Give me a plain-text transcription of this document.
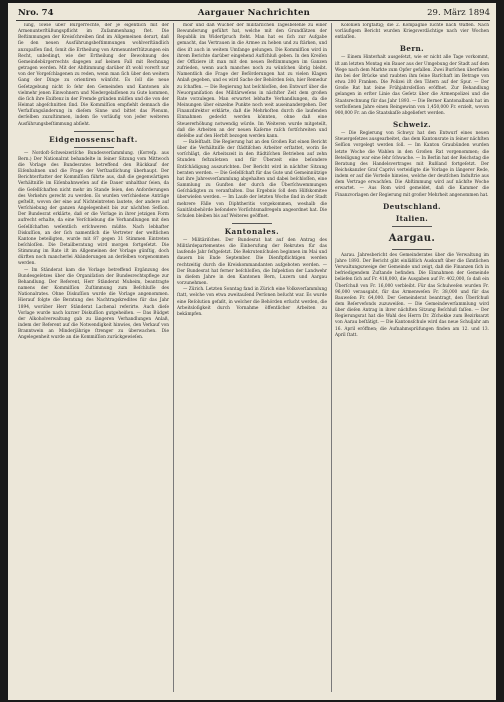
Nro. 74	Aargauer Nachrichten	29. März 1894

lung, ſowie über Bürgerrechte, der je eigentlich mit der Armenunterſtüßungspflicht im Zuſammenhang ſtet. Die Beſtimmungen der Kreisſchreiben ſind im Allgemeinen derart, daß ſie den neuen Ausführungsbeſtimmungen wohlverſtändlich anzupaſſen ſind, ſomit die Ertheilung von Armenunterſtützungen ein Recht, unbedingt, wie der Ertheilung der Bewohnung des Gemeindebürgerrechts dagegen auf keinen Fall mit Rechnung getragen werden. Mit der Abſtimmung darüber iſt wohl vorerſt nur von der Vorgeſchlagenen zu reden, wenn man ſich über den weitern Gang der Dinge zu orientiren wünſcht. Es ſoll die neue Geſetzgebung nicht ſo ſehr den Gemeinden und Kantonen als vielmehr jenen Einwohnern und Niedergelaſſenen zu Gute kommen, die ſich ihre Exiſtenz in der Fremde gründen müſſen und die von der Heimat abgeſchnitten ſind. Die Kommiſſion empfiehlt demnach die Verfaſſungsänderung in dieſem Sinne und bittet das Plenum, derſelben zuzuſtimmen, indem ſie vorläufig von jeder weiteren Ausführungsbeſtimmung abſieht.

Eidgenossenschaft.

— Nordoſt-Schweizeriſche Bundesverſammlung. (Korreſp. aus Bern.) Der Nationalrat behandelte in ſeiner Sitzung vom Mittwoch die Vorlage des Bundesrates betreffend den Rückkauf der Eiſenbahnen und die Frage der Verſtaatlichung überhaupt. Der Berichterſtatter der Kommiſſion führte aus, daß die gegenwärtigen Verhältniſſe im Eiſenbahnweſen auf die Dauer unhaltbar ſeien, da die Geſellſchaften nicht mehr im Stande ſeien, den Anforderungen des Verkehrs gerecht zu werden. Es wurden verſchiedene Anträge geſtellt, wovon der eine auf Nichteintreten lautete, der andere auf Verſchiebung der ganzen Angelegenheit bis zur nächſten Seſſion. Der Bundesrat erklärte, daß er die Vorlage in ihrer jetzigen Form aufrecht erhalte, da eine Verſchiebung die Verhandlungen mit den Geſellſchaften weſentlich erſchweren müßte. Nach lebhafter Diskuſſion, an der ſich namentlich die Vertreter der weſtlichen Kantone beteiligten, wurde mit 87 gegen 31 Stimmen Eintreten beſchloſſen. Die Detailberatung wird morgen fortgeſetzt. Die Stimmung im Rate iſt im Allgemeinen der Vorlage günſtig, doch dürften noch mancherlei Abänderungen an derſelben vorgenommen werden.

— Im Ständerat kam die Vorlage betreffend Ergänzung des Bundesgeſetzes über die Organiſation der Bundesrechtspflege zur Behandlung. Der Referent, Herr Ständerat Muheim, beantragte namens der Kommiſſion Zuſtimmung zum Beſchluſſe des Nationalrates. Ohne Diskuſſion wurde die Vorlage angenommen. Hierauf folgte die Beratung des Nachtragskredites für das Jahr 1894, worüber Herr Ständerat Lachenal referirte. Auch dieſe Vorlage wurde nach kurzer Diskuſſion gutgeheißen. — Das Büdget der Alkoholverwaltung gab zu längeren Verhandlungen Anlaß, indem der Referent auf die Notwendigkeit hinwies, den Verkauf von Branntwein an Minderjährige ſtrenger zu überwachen. Die Angelegenheit wurde an die Kommiſſion zurückgewieſen.

moir und daß Wucher der militäriſchen Tagesbeſehle zu einer Bewunderung geführt hat, welche mit den Grundſätzen der Republik im Widerſpruch ſteht. Man hat es ſich zur Aufgabe gemacht, das Vertrauen in die Armee zu heben und zu ſtärken, und dies iſt auch in weitem Umfange gelungen. Die Kommiſſion wird in ihrem Berichte darüber eingehend Aufſchluß geben. In den Kreiſen der Offiziere iſt man mit den neuen Beſtimmungen im Ganzen zufrieden, wenn auch manches noch zu wünſchen übrig bleibt. Namentlich die Frage der Beförderungen hat zu vielen Klagen Anlaß gegeben, und es wird Sache der Behörden ſein, hier Remedur zu ſchaffen. — Die Regierung hat beſchloſſen, den Entwurf über die Neuorganiſation des Militärweſens in nächſter Zeit dem großen Rate vorzulegen. Man erwartet lebhafte Verhandlungen, da die Meinungen über einzelne Punkte noch weit auseinandergehen. Der Finanzdirektor erklärte, daß die Mehrkoſten durch die laufenden Einnahmen gedeckt werden könnten, ohne daß eine Steuererhöhung notwendig würde. Im Weiteren wurde mitgeteilt, daß die Arbeiten an der neuen Kaſerne raſch fortſchreiten und dieſelbe auf den Herbſt bezogen werden kann.

— Baſelſtadt. Die Regierung hat an den Großen Rat einen Bericht über die Verhältniſſe der ſtädtiſchen Arbeiter erſtattet, worin ſie vorſchlägt, die Arbeitszeit in den ſtädtiſchen Betrieben auf zehn Stunden feſtzuſetzen und für Überzeit eine beſondere Entſchädigung auszurichten. Der Bericht wird in nächſter Sitzung beraten werden. — Die Geſellſchaft für das Gute und Gemeinnützige hat ihre Jahresverſammlung abgehalten und dabei beſchloſſen, eine Sammlung zu Gunſten der durch die Überſchwemmungen Geſchädigten zu veranſtalten. Das Ergebnis ſoll dem Hilfskomitee überwieſen werden. — Im Laufe der letzten Woche ſind in der Stadt mehrere Fälle von Diphtheritis vorgekommen, weshalb die Sanitätsbehörde beſondere Vorſichtsmaßregeln angeordnet hat. Die Schulen bleiben bis auf Weiteres geöffnet.

Kantonales.

— Militäriſches. Der Bundesrat hat auf den Antrag des Militärdepartementes die Einberufung der Rekruten für das laufende Jahr feſtgeſetzt. Die Rekrutenſchulen beginnen im Mai und dauern bis Ende September. Die Dienſtpflichtigen werden rechtzeitig durch die Kreiskommandanten aufgeboten werden. — Der Bundesrat hat ferner beſchloſſen, die Inſpektion der Landwehr in dieſem Jahre in den Kantonen Bern, Luzern und Aargau vorzunehmen.

— Zürich. Letzten Sonntag fand in Zürich eine Volksverſammlung ſtatt, welche von etwa zweitauſend Perſonen beſucht war. Es wurde eine Reſolution gefaßt, in welcher die Behörden erſucht werden, die Arbeitsloſigkeit durch Vornahme öffentlicher Arbeiten zu bekämpfen.

Kolonien ſorgfältig; die 2. Kompagnie ſuchte nach Waffen. Nach vorläufigem Bericht wurden Kriegsverdächtige nach vier Wochen entlaſſen.

Bern.

— Einem Hinterhalt ausgeſetzt, wie er nicht alle Tage vorkommt, iſt am letzten Montag ein Bauer aus der Umgebung der Stadt auf dem Wege nach dem Markte zum Opfer gefallen. Zwei Burſchen überfielen ihn bei der Brücke und raubten ihm ſeine Barſchaft im Betrage von etwa 200 Franken. Die Polizei iſt den Tätern auf der Spur. — Der Große Rat hat ſeine Frühjahrsſeſſion eröffnet. Zur Behandlung gelangen in erſter Linie das Geſetz über die Armenpolizei und die Staatsrechnung für das Jahr 1893. — Die Berner Kantonalbank hat im verfloſſenen Jahre einen Reingewinn von 1,450,000 Fr. erzielt, wovon 900,000 Fr. an die Staatskaſſe abgeliefert werden.

Schweiz.

— Die Regierung von Schwyz hat den Entwurf eines neuen Steuergeſetzes ausgearbeitet, das dem Kantonsrate in ſeiner nächſten Seſſion vorgelegt werden ſoll. — Im Kanton Graubünden wurden letzte Woche die Wahlen in den Großen Rat vorgenommen; die Beteiligung war eine ſehr ſchwache. — In Berlin hat der Reichstag die Beratung des Handelsvertrages mit Rußland fortgeſetzt. Der Reichskanzler Graf Caprivi verteidigte die Vorlage in längerer Rede, indem er auf die Vorteile hinwies, welche der deutſchen Induſtrie aus dem Vertrage erwachſen. Die Abſtimmung wird auf nächſte Woche erwartet. — Aus Rom wird gemeldet, daß die Kammer die Finanzvorlagen der Regierung mit großer Mehrheit angenommen hat.

Deutschland.
Italien.
Aargau.

Aarau. Jahresbericht des Gemeinderates über die Verwaltung im Jahre 1893. Der Bericht gibt einläßlich Auskunft über die ſämtlichen Verwaltungszweige der Gemeinde und zeigt, daß die Finanzen ſich in befriedigendem Zuſtande befinden. Die Einnahmen der Gemeinde beliefen ſich auf Fr. 418,000, die Ausgaben auf Fr. 402,000, ſo daß ein Überſchuß von Fr. 16,000 verbleibt. Für das Schulweſen wurden Fr. 96,000 verausgabt, für das Armenweſen Fr. 38,000 und für das Bauweſen Fr. 64,000. Der Gemeinderat beantragt, den Überſchuß dem Reſervefonds zuzuweiſen. — Die Gemeindeverſammlung wird über dieſen Antrag in ihrer nächſten Sitzung Beſchluß faſſen. — Der Regierungsrat hat die Wahl des Herrn Dr. Zſchokke zum Bezirksarzt von Aarau beſtätigt. — Die Kantonsſchule wird das neue Schuljahr am 16. April eröffnen; die Aufnahmsprüfungen finden am 12. und 13. April ſtatt.
